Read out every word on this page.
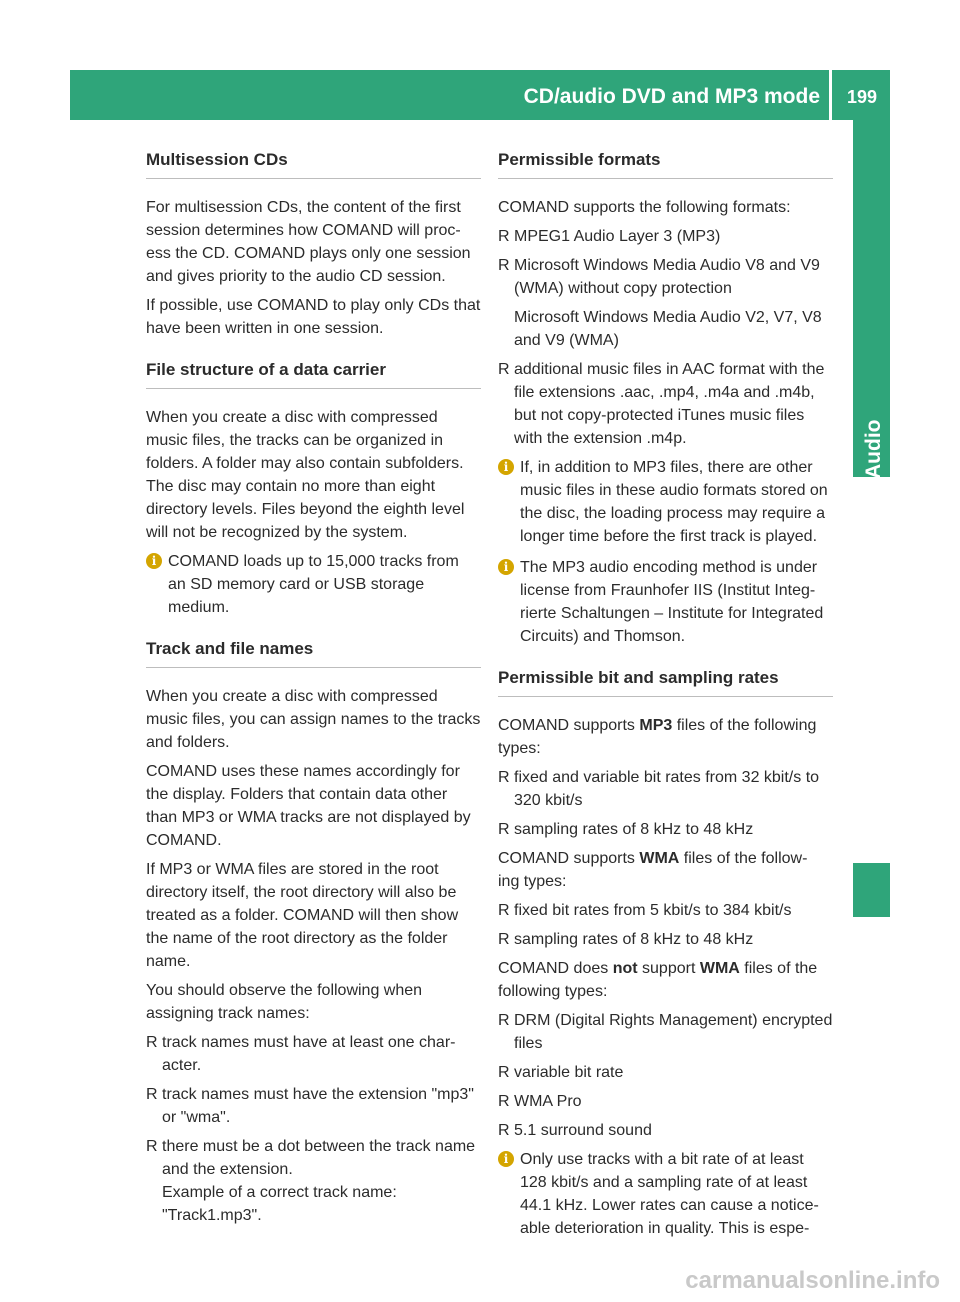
CD/audio DVD and MP3 mode	199
Audio
Multisession CDs

For multisession CDs, the content of the first session determines how COMAND will proc- ess the CD. COMAND plays only one session and gives priority to the audio CD session.

If possible, use COMAND to play only CDs that have been written in one session.

File structure of a data carrier

When you create a disc with compressed music files, the tracks can be organized in folders. A folder may also contain subfolders. The disc may contain no more than eight directory levels. Files beyond the eighth level will not be recognized by the system.

i COMAND loads up to 15,000 tracks from an SD memory card or USB storage medium.
Track and file names

When you create a disc with compressed music files, you can assign names to the tracks and folders.

COMAND uses these names accordingly for the display. Folders that contain data other than MP3 or WMA tracks are not displayed by COMAND.

If MP3 or WMA files are stored in the root directory itself, the root directory will also be treated as a folder. COMAND will then show the name of the root directory as the folder name.

You should observe the following when assigning track names:

R track names must have at least one char- acter.
R track names must have the extension "mp3" or "wma".
R there must be a dot between the track name and the extension.

Example of a correct track name: "Track1.mp3".

Permissible formats

COMAND supports the following formats:

R MPEG1 Audio Layer 3 (MP3)
R Microsoft Windows Media Audio V8 and V9 (WMA) without copy protection

Microsoft Windows Media Audio V2, V7, V8 and V9 (WMA)

R additional music files in AAC format with the file extensions .aac, .mp4, .m4a and .m4b, but not copy-protected iTunes music files with the extension .m4p.
i If, in addition to MP3 files, there are other music files in these audio formats stored on the disc, the loading process may require a longer time before the first track is played.
i The MP3 audio encoding method is under license from Fraunhofer IIS (Institut Integ- rierte Schaltungen – Institute for Integrated Circuits) and Thomson.
Permissible bit and sampling rates

COMAND supports MP3 files of the following types:

R fixed and variable bit rates from 32 kbit/s to 320 kbit/s
R sampling rates of 8 kHz to 48 kHz

COMAND supports WMA files of the follow- ing types:

R fixed bit rates from 5 kbit/s to 384 kbit/s
R sampling rates of 8 kHz to 48 kHz

COMAND does not support WMA files of the following types:

R DRM (Digital Rights Management) encrypted files
R variable bit rate
R WMA Pro
R 5.1 surround sound
i Only use tracks with a bit rate of at least 128 kbit/s and a sampling rate of at least 44.1 kHz. Lower rates can cause a notice- able deterioration in quality. This is espe-
carmanualsonline.info
